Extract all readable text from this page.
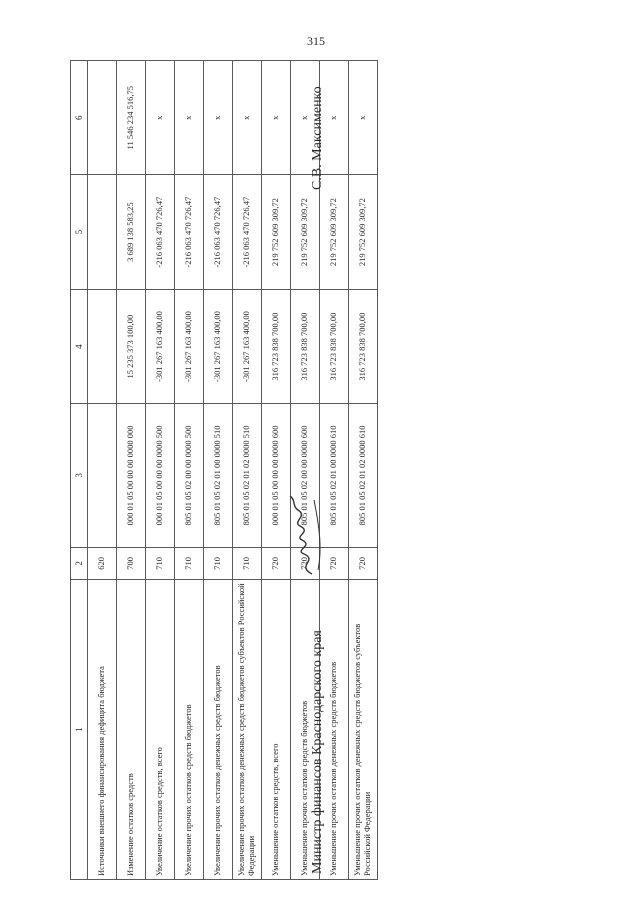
315
1	2	3	4	5	6
Источники внешнего финансирования дефицита бюджета	620				
Изменение остатков средств	700	000 01 05 00 00 00 0000 000	15 235 373 100,00	3 689 138 583,25	11 546 234 516,75
Увеличение остатков средств, всего	710	000 01 05 00 00 00 0000 500	-301 267 163 400,00	-216 063 470 726,47	х
Увеличение прочих остатков средств бюджетов	710	805 01 05 02 00 00 0000 500	-301 267 163 400,00	-216 063 470 726,47	х
Увеличение прочих остатков денежных средств бюджетов	710	805 01 05 02 01 00 0000 510	-301 267 163 400,00	-216 063 470 726,47	х
Увеличение прочих остатков денежных средств бюджетов субъектов Российской Федерации	710	805 01 05 02 01 02 0000 510	-301 267 163 400,00	-216 063 470 726,47	х
Уменьшение остатков средств, всего	720	000 01 05 00 00 00 0000 600	316 723 838 700,00	219 752 609 309,72	х
Уменьшение прочих остатков средств бюджетов	720	805 01 05 02 00 00 0000 600	316 723 838 700,00	219 752 609 309,72	х
Уменьшение прочих остатков денежных средств бюджетов	720	805 01 05 02 01 00 0000 610	316 723 838 700,00	219 752 609 309,72	х
Уменьшение прочих остатков денежных средств бюджетов субъектов Российской Федерации	720	805 01 05 02 01 02 0000 610	316 723 838 700,00	219 752 609 309,72	х
Министр финансов Краснодарского края
С.В. Максименко
